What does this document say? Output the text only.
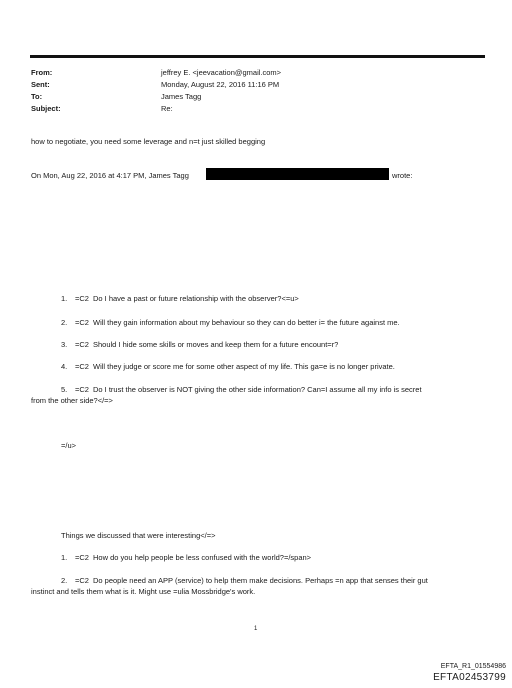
From:	jeffrey E. <jeevacation@gmail.com>
Sent:	Monday, August 22, 2016 11:16 PM
To:	James Tagg
Subject:	Re:
how to negotiate, you need some leverage and n=t just skilled begging
On Mon, Aug 22, 2016 at 4:17 PM, James Tagg	wrote:
1. =C2 Do I have a past or future relationship with the observer?<=u>
2. =C2 Will they gain information about my behaviour so they can do better i= the future against me.
3. =C2 Should I hide some skills or moves and keep them for a future encount=r?
4. =C2 Will they judge or score me for some other aspect of my life. This ga=e is no longer private.
5. =C2 Do I trust the observer is NOT giving the other side information? Can=I assume all my info is secret
from the other side?</=>
=/u>
Things we discussed that were interesting</=>
1. =C2 How do you help people be less confused with the world?=/span>
2. =C2 Do people need an APP (service) to help them make decisions. Perhaps =n app that senses their gut
instinct and tells them what is it. Might use =ulia Mossbridge's work.
1
EFTA_R1_01554986
EFTA02453799
